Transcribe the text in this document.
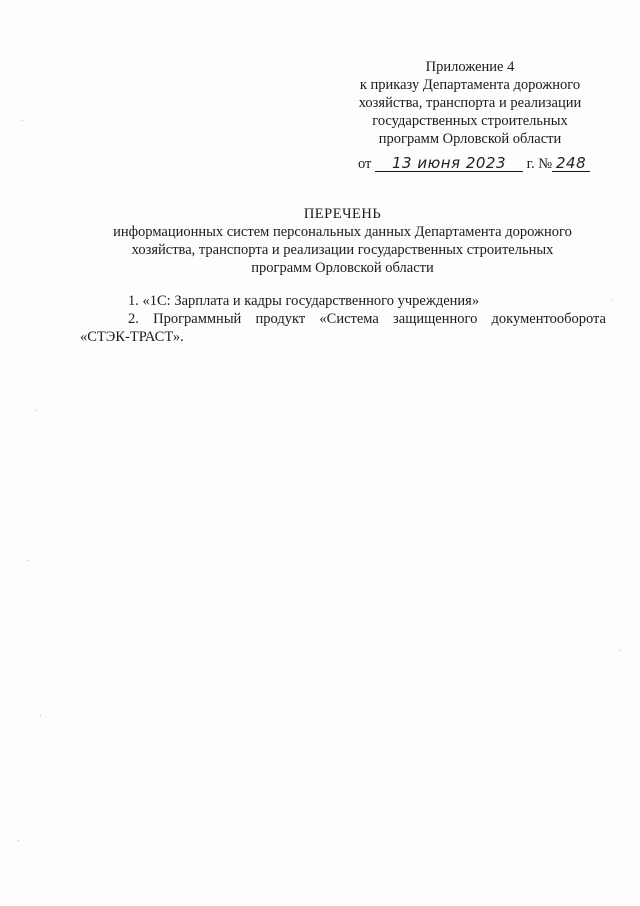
Приложение 4
к приказу Департамента дорожного
хозяйства, транспорта и реализации
государственных строительных
программ Орловской области
от 13 июня 2023 г. № 248
ПЕРЕЧЕНЬ
информационных систем персональных данных Департамента дорожного
хозяйства, транспорта и реализации государственных строительных
программ Орловской области
1. «1С: Зарплата и кадры государственного учреждения»
2. Программный продукт «Система защищенного документооборота «СТЭК-ТРАСТ».
